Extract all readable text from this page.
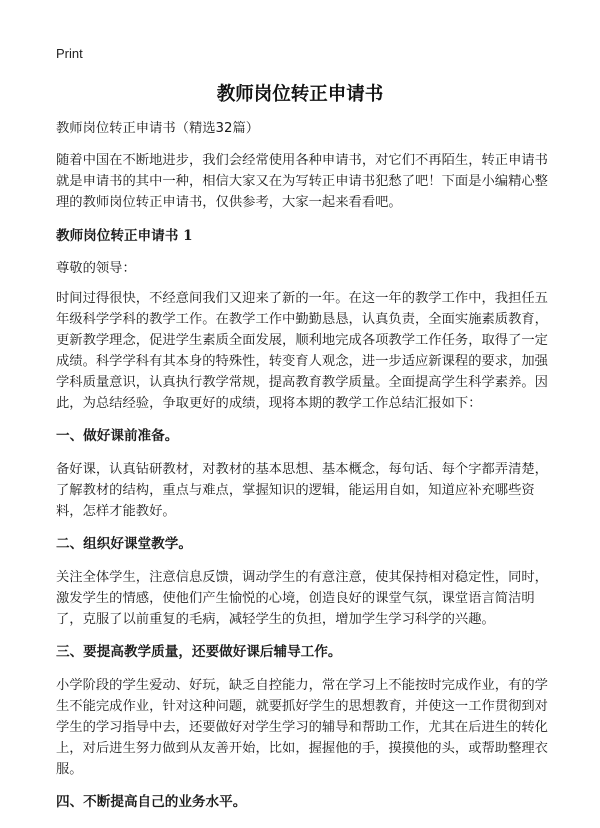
Print
教师岗位转正申请书

教师岗位转正申请书（精选32篇）

随着中国在不断地进步，我们会经常使用各种申请书，对它们不再陌生，转正申请书就是申请书的其中一种，相信大家又在为写转正申请书犯愁了吧！下面是小编精心整理的教师岗位转正申请书，仅供参考，大家一起来看看吧。

教师岗位转正申请书 1

尊敬的领导：

时间过得很快，不经意间我们又迎来了新的一年。在这一年的教学工作中，我担任五年级科学学科的教学工作。在教学工作中勤勤恳恳，认真负责，全面实施素质教育，更新教学理念，促进学生素质全面发展，顺利地完成各项教学工作任务，取得了一定成绩。科学学科有其本身的特殊性，转变育人观念，进一步适应新课程的要求，加强学科质量意识，认真执行教学常规，提高教育教学质量。全面提高学生科学素养。因此，为总结经验，争取更好的成绩，现将本期的教学工作总结汇报如下：

一、做好课前准备。

备好课，认真钻研教材，对教材的基本思想、基本概念，每句话、每个字都弄清楚，了解教材的结构，重点与难点，掌握知识的逻辑，能运用自如，知道应补充哪些资料，怎样才能教好。

二、组织好课堂教学。

关注全体学生，注意信息反馈，调动学生的有意注意，使其保持相对稳定性，同时，激发学生的情感，使他们产生愉悦的心境，创造良好的课堂气氛，课堂语言简洁明了，克服了以前重复的毛病，减轻学生的负担，增加学生学习科学的兴趣。

三、要提高教学质量，还要做好课后辅导工作。

小学阶段的学生爱动、好玩，缺乏自控能力，常在学习上不能按时完成作业，有的学生不能完成作业，针对这种问题，就要抓好学生的思想教育，并使这一工作贯彻到对学生的学习指导中去，还要做好对学生学习的辅导和帮助工作，尤其在后进生的转化上，对后进生努力做到从友善开始，比如，握握他的手，摸摸他的头，或帮助整理衣服。

四、不断提高自己的业务水平。
